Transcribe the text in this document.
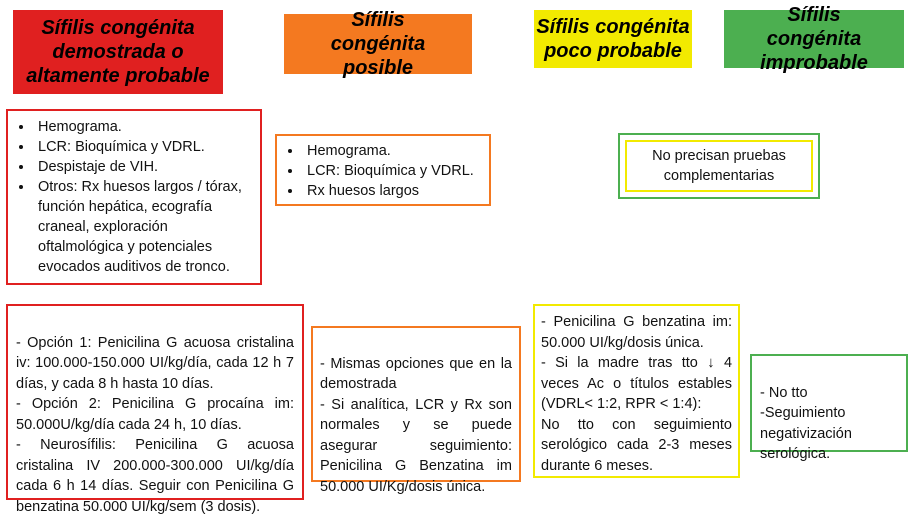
Sífilis congénita demostrada o altamente probable
Sífilis congénita posible
Sífilis congénita poco probable
Sífilis congénita improbable
• Hemograma.
• LCR: Bioquímica y VDRL.
• Despistaje de VIH.
• Otros: Rx huesos largos / tórax, función hepática, ecografía craneal, exploración oftalmológica y potenciales evocados auditivos de tronco.
• Hemograma.
• LCR: Bioquímica y VDRL.
• Rx huesos largos
No precisan pruebas complementarias

- Opción 1: Penicilina G acuosa cristalina iv: 100.000-150.000 UI/kg/día, cada 12 h 7 días, y cada 8 h hasta 10 días.
- Opción 2: Penicilina G procaína im: 50.000U/kg/día cada 24 h, 10 días.
- Neurosífilis: Penicilina G acuosa cristalina IV 200.000-300.000 UI/kg/día cada 6 h 14 días. Seguir con Penicilina G benzatina 50.000 UI/kg/sem (3 dosis).

- Mismas opciones que en la demostrada
- Si analítica, LCR y Rx son normales y se puede asegurar seguimiento: Penicilina G Benzatina im 50.000 UI/Kg/dosis única.

- Penicilina G benzatina im: 50.000 UI/kg/dosis única.
- Si la madre tras tto ↓ 4 veces Ac o títulos estables (VDRL< 1:2, RPR < 1:4):
No tto con seguimiento serológico cada 2-3 meses durante 6 meses.

- No tto
-Seguimiento negativización serológica.
